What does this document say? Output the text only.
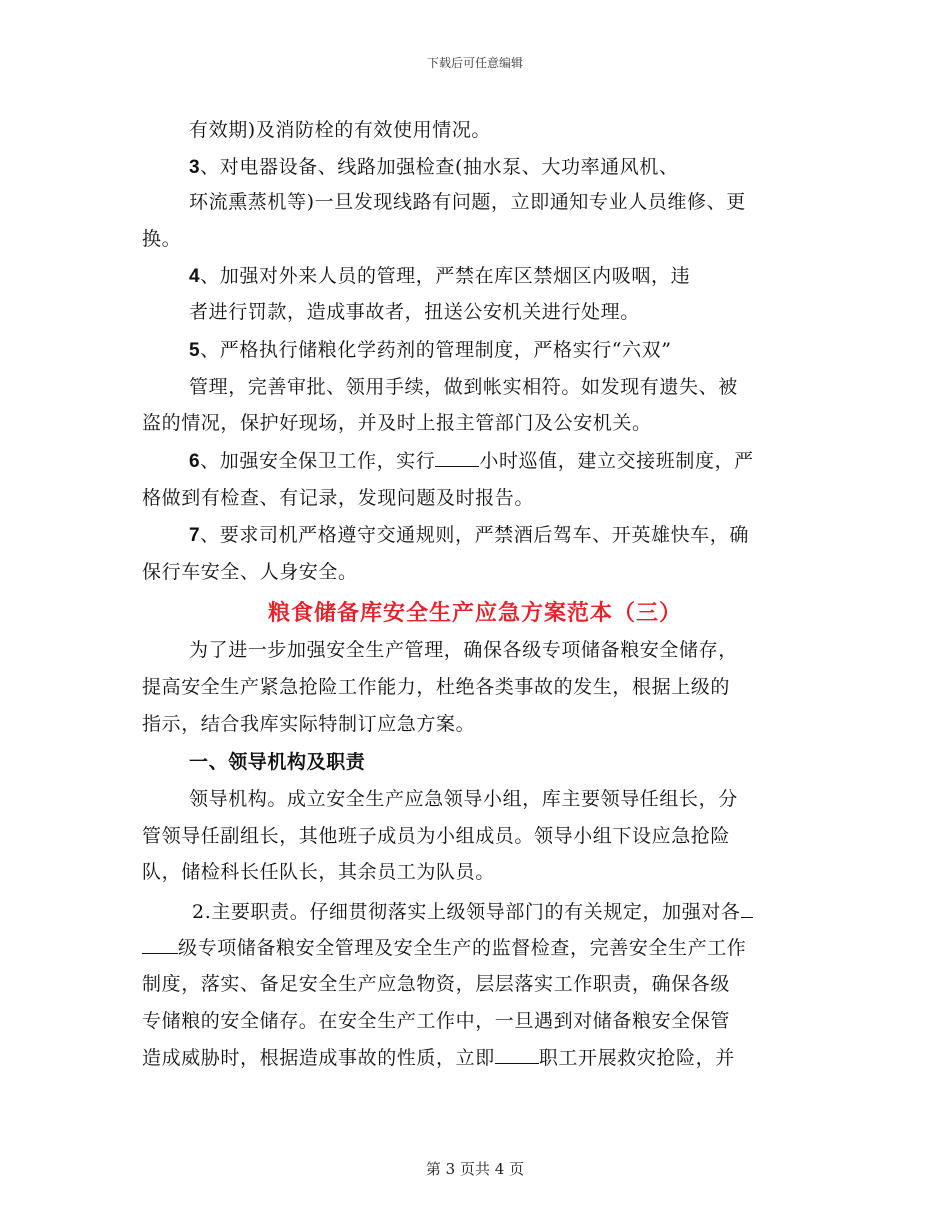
下载后可任意编辑
有效期)及消防栓的有效使用情况。
3、对电器设备、线路加强检查(抽水泵、大功率通风机、
环流熏蒸机等)一旦发现线路有问题，立即通知专业人员维修、更
换。
4、加强对外来人员的管理，严禁在库区禁烟区内吸咽，违
者进行罚款，造成事故者，扭送公安机关进行处理。
5、严格执行储粮化学药剂的管理制度，严格实行“六双”
管理，完善审批、领用手续，做到帐实相符。如发现有遗失、被
盗的情况，保护好现场，并及时上报主管部门及公安机关。
6、加强安全保卫工作，实行 小时巡值，建立交接班制度，严
格做到有检查、有记录，发现问题及时报告。
7、要求司机严格遵守交通规则，严禁酒后驾车、开英雄快车，确
保行车安全、人身安全。
粮食储备库安全生产应急方案范本（三）
为了进一步加强安全生产管理，确保各级专项储备粮安全储存，
提高安全生产紧急抢险工作能力，杜绝各类事故的发生，根据上级的
指示，结合我库实际特制订应急方案。
一、领导机构及职责
领导机构。成立安全生产应急领导小组，库主要领导任组长，分
管领导任副组长，其他班子成员为小组成员。领导小组下设应急抢险
队，储检科长任队长，其余员工为队员。
2.主要职责。仔细贯彻落实上级领导部门的有关规定，加强对各
级专项储备粮安全管理及安全生产的监督检查，完善安全生产工作
制度，落实、备足安全生产应急物资，层层落实工作职责，确保各级
专储粮的安全储存。在安全生产工作中，一旦遇到对储备粮安全保管
造成威胁时，根据造成事故的性质，立即 职工开展救灾抢险，并
第 3 页共 4 页
